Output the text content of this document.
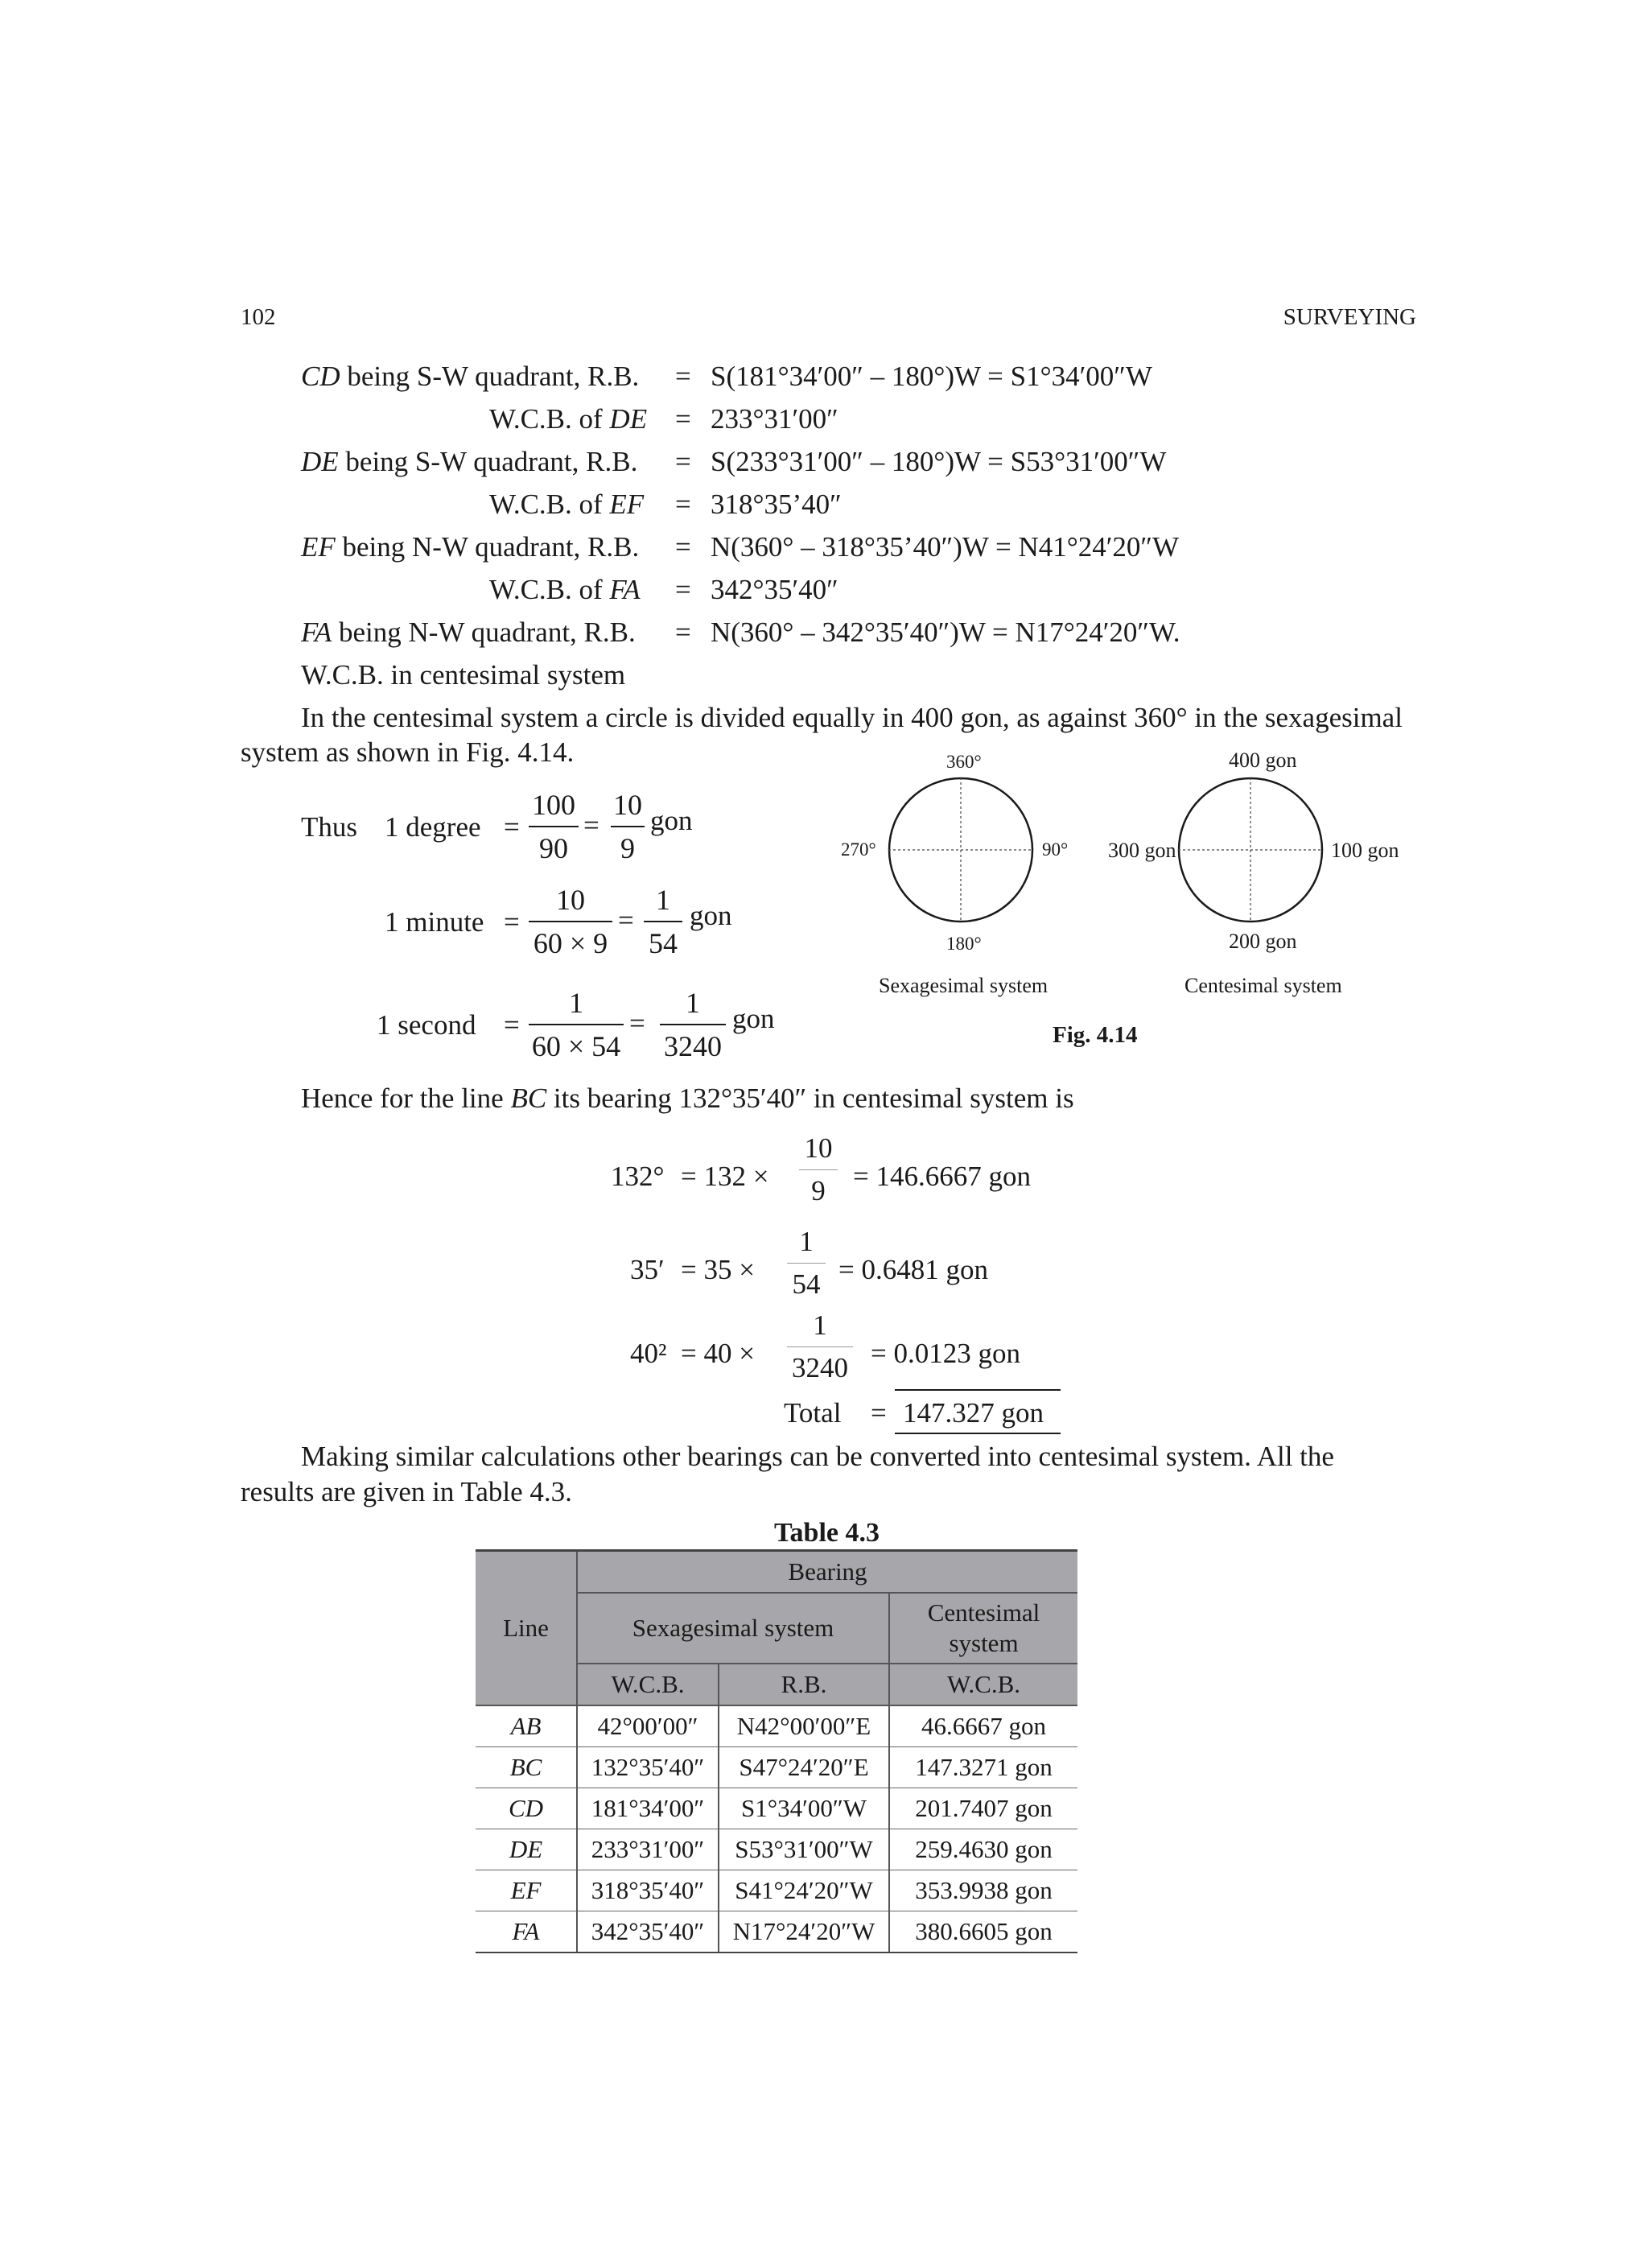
102	SURVEYING
CD being S-W quadrant, R.B. = S(181°34′00″ – 180°)W = S1°34′00″W
W.C.B. of DE = 233°31′00″
DE being S-W quadrant, R.B. = S(233°31′00″ – 180°)W = S53°31′00″W
W.C.B. of EF = 318°35’40″
EF being N-W quadrant, R.B. = N(360° – 318°35’40″)W = N41°24′20″W
W.C.B. of FA = 342°35′40″
FA being N-W quadrant, R.B. = N(360° – 342°35′40″)W = N17°24′20″W.
W.C.B. in centesimal system
In the centesimal system a circle is divided equally in 400 gon, as against 360° in the sexagesimal
system as shown in Fig. 4.14.
Thus 1 degree =
100
90
=
10
9
gon
1 minute =
10
60 × 9
=
1
54
gon
1 second =
1
60 × 54
=
1
3240
gon
360°
90°
180°
270°
Sexagesimal system
400 gon
100 gon
200 gon
300 gon
Centesimal system
Fig. 4.14
Hence for the line BC its bearing 132°35′40″ in centesimal system is
132° = 132 ×
10
9 = 146.6667 gon
35′ = 35 ×
1
54 = 0.6481 gon
40² = 40 ×
1
3240 = 0.0123 gon
Total = 147.327 gon
Making similar calculations other bearings can be converted into centesimal system. All the
results are given in Table 4.3.
Table 4.3
Line	Bearing		
	Sexagesimal system		Centesimal
system
	W.C.B.	R.B.	W.C.B.
AB	42°00′00″	N42°00′00″E	46.6667 gon
BC	132°35′40″	S47°24′20″E	147.3271 gon
CD	181°34′00″	S1°34′00″W	201.7407 gon
DE	233°31′00″	S53°31′00″W	259.4630 gon
EF	318°35′40″	S41°24′20″W	353.9938 gon
FA	342°35′40″	N17°24′20″W	380.6605 gon
